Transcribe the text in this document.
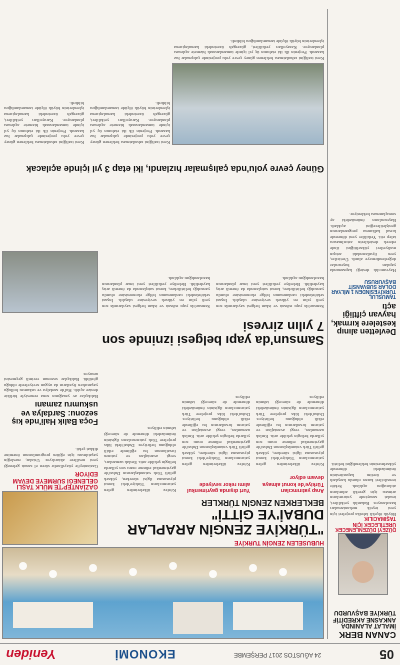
05
24 AĞUSTOS 2017 PERŞEMBE
EKONOMİ
Yeniden
CANAN BERK
İMALAT ALANINDA ANKASNE AKREDİTİF TÜRKİYE BAŞVURDU
DÜZEYİ DÜZENLENECEK ÜRETİLECEK İÇİN TAŞIMACILIK
Büyük ölçekli fabrika projeleri için yeni teşvik mekanizmaları hazırlanıyor. Bakanlık yetkilileri, imalat sanayinde yatırımların artması için gerekli adımların atılacağını açıkladı. Sektör temsilcileri kararı olumlu karşıladı ve üretim kapasitesinin önümüzdeki dönemde yükselmesinin beklendiğini belirtti.
HUBUSELEN ZENGİN TURKİYE
"TÜRKİYE ZENGİN ARAPLAR DUBAİ'YE GİTTİ"
BEKLERKEN ZENGİN TÜRKLER
Arap yatırımcıları Türkiye'de konut almaya devam ediyor
Körfez ülkelerinden gelen yatırımcıların Türkiye'deki konut piyasasına ilgisi sürerken, yüksek gelirli Türk vatandaşlarının Dubai'de gayrimenkul edinme oranı son yıllarda belirgin şekilde arttı. Emlak uzmanları, vergi avantajları ve yatırım fırsatlarının bu eğilimde etkili olduğunu belirtiyor. Dubai'deki lüks projelere Türk yatırımcıların ilgisinin önümüzdeki dönemde de süreceği tahmin ediliyor.
Yurt dışında gayrimenkul alımı rekor seviyede
Körfez ülkelerinden gelen yatırımcıların Türkiye'deki konut piyasasına ilgisi sürerken, yüksek gelirli Türk vatandaşlarının Dubai'de gayrimenkul edinme oranı son yıllarda belirgin şekilde arttı. Emlak uzmanları, vergi avantajları ve yatırım fırsatlarının bu eğilimde etkili olduğunu belirtiyor. Dubai'deki lüks projelere Türk yatırımcıların ilgisinin önümüzdeki dönemde de süreceği tahmin ediliyor.
Körfez ülkelerinden gelen yatırımcıların Türkiye'deki konut piyasasına ilgisi sürerken, yüksek gelirli Türk vatandaşlarının Dubai'de gayrimenkul edinme oranı son yıllarda belirgin şekilde arttı. Emlak uzmanları, vergi avantajları ve yatırım fırsatlarının bu eğilimde etkili olduğunu belirtiyor. Dubai'deki lüks projelere Türk yatırımcıların ilgisinin önümüzdeki dönemde de süreceği tahmin ediliyor.
GAZİANTEP'TE MÜLK TAŞLI GELENEĞİ SÜRMEYE DEVAM EDİYOR
Gaziantep'te yüzyıllardır süren el sanatı geleneği yeni nesillere aktarılıyor. Ustalar, mesleğin yaşatılması için eğitim programlarının önemine dikkat çekti.
Foça Balık Hali'nde kış sezonu: Sardalya ve uskumru zamanı
Balıkçılar av yasağının sona ermesiyle birlikte denize açıldı. Hal'de sardalya ve uskumru bolluğu yaşanırken fiyatların da uygun seviyelerde olduğu görüldü. Balıkçılar sezonun verimli geçmesini umuyor.
Devletten alınıp kestelere kırmak, hayvan çiftliği açtı
TAMUSLUL TÜRKİYESİNDEN 1 MİLYAR DOLAR SUBVANSİT BAŞVURUSU
Hayvancılık desteği kapsamında yapılan başvurular değerlendirmeye alındı. Üreticiler, yem fiyatlarındaki artışın maliyetleri yükselttiğini ifade ederek desteklerin artırılmasını talep etti. Yetkililer yeni dönemde kırsal kalkınma programlarının genişletileceğini açıkladı. Başvuruların önümüzdeki ay sonuçlanması bekleniyor.
Samsun'da yapı belgesi izninde son 7 yılın zirvesi
Samsun'da yapı ruhsatı ve iskan belgesi sayılarında son yedi yılın en yüksek seviyesine ulaşıldı. İnşaat sektöründeki canlanmanın bölge ekonomisine olumlu yansıdığı belirtilirken, konut satışlarında da önemli artış kaydedildi. Belediye yetkilileri yeni imar planlarının hazırlandığını açıkladı.
Samsun'da yapı ruhsatı ve iskan belgesi sayılarında son yedi yılın en yüksek seviyesine ulaşıldı. İnşaat sektöründeki canlanmanın bölge ekonomisine olumlu yansıdığı belirtilirken, konut satışlarında da önemli artış kaydedildi. Belediye yetkilileri yeni imar planlarının hazırlandığını açıkladı.
Güney çevre yolu'nda çalışmalar hızlandı, iki etap 3 yıl içinde açılacak
Kent trafiğini rahatlatması beklenen güney çevre yolu projesinde çalışmalar hız kazandı. Projenin ilk iki etabının üç yıl içinde tamamlanarak hizmete açılması planlanıyor. Karayolları yetkilileri, güzergah üzerindeki kamulaştırma işlemlerinin büyük ölçüde tamamlandığını bildirdi.
Kent trafiğini rahatlatması beklenen güney çevre yolu projesinde çalışmalar hız kazandı. Projenin ilk iki etabının üç yıl içinde tamamlanarak hizmete açılması planlanıyor. Karayolları yetkilileri, güzergah üzerindeki kamulaştırma işlemlerinin büyük ölçüde tamamlandığını bildirdi.
Kent trafiğini rahatlatması beklenen güney çevre yolu projesinde çalışmalar hız kazandı. Projenin ilk iki etabının üç yıl içinde tamamlanarak hizmete açılması planlanıyor. Karayolları yetkilileri, güzergah üzerindeki kamulaştırma işlemlerinin büyük ölçüde tamamlandığını bildirdi.
